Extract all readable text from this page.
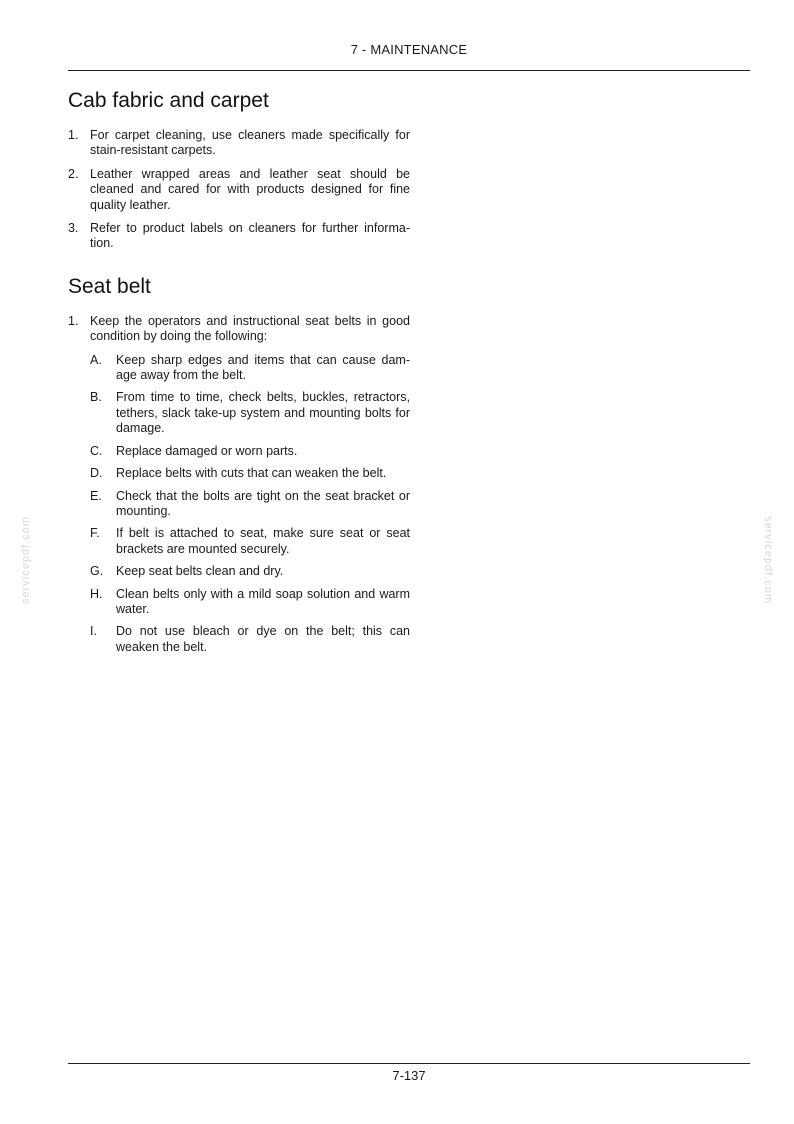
7 - MAINTENANCE
Cab fabric and carpet
1. For carpet cleaning, use cleaners made specifically for stain-resistant carpets.
2. Leather wrapped areas and leather seat should be cleaned and cared for with products designed for fine quality leather.
3. Refer to product labels on cleaners for further informa-tion.
Seat belt
1. Keep the operators and instructional seat belts in good condition by doing the following:
A. Keep sharp edges and items that can cause dam-age away from the belt.
B. From time to time, check belts, buckles, retractors, tethers, slack take-up system and mounting bolts for damage.
C. Replace damaged or worn parts.
D. Replace belts with cuts that can weaken the belt.
E. Check that the bolts are tight on the seat bracket or mounting.
F. If belt is attached to seat, make sure seat or seat brackets are mounted securely.
G. Keep seat belts clean and dry.
H. Clean belts only with a mild soap solution and warm water.
I. Do not use bleach or dye on the belt; this can weaken the belt.
servicepdf.com	servicepdf.com
7-137
